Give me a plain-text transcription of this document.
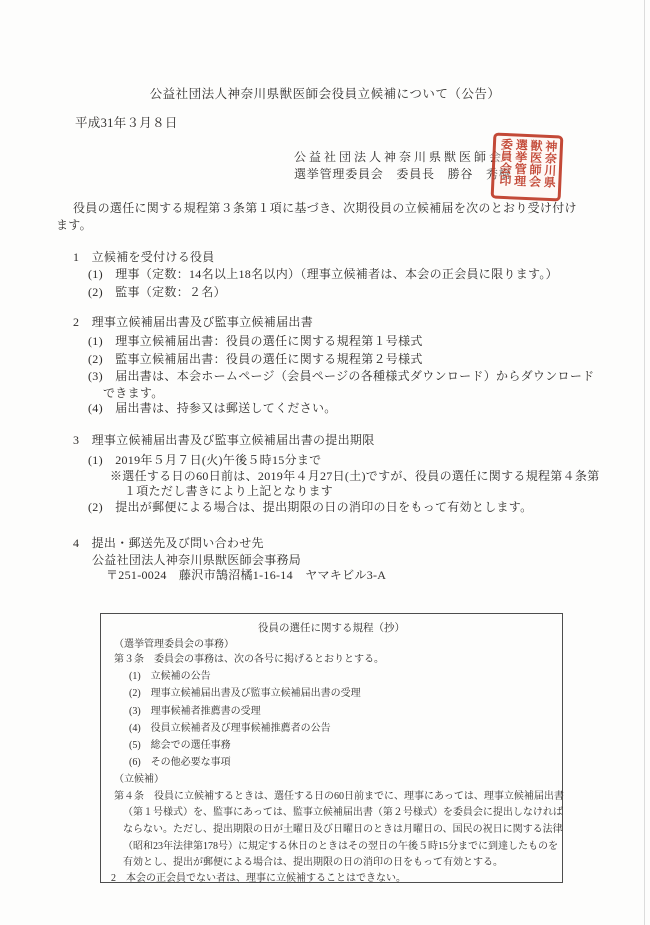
公益社団法人神奈川県獣医師会役員立候補について（公告）
平成31年３月８日
公益社団法人神奈川県獣医師会
選挙管理委員会　委員長　勝谷　秀樹	神奈川県
獣医師会
選挙管理
委員会印
役員の選任に関する規程第３条第１項に基づき、次期役員の立候補届を次のとおり受け付け
ます。
1　立候補を受付ける役員
(1)　理事（定数：14名以上18名以内）（理事立候補者は、本会の正会員に限ります。）
(2)　監事（定数：２名）
2　理事立候補届出書及び監事立候補届出書
(1)　理事立候補届出書：役員の選任に関する規程第１号様式
(2)　監事立候補届出書：役員の選任に関する規程第２号様式
(3)　届出書は、本会ホームページ（会員ページの各種様式ダウンロード）からダウンロード
できます。
(4)　届出書は、持参又は郵送してください。
3　理事立候補届出書及び監事立候補届出書の提出期限
(1)　2019年５月７日(火)午後５時15分まで
※選任する日の60日前は、2019年４月27日(土)ですが、役員の選任に関する規程第４条第
１項ただし書きにより上記となります
(2)　提出が郵便による場合は、提出期限の日の消印の日をもって有効とします。
4　提出・郵送先及び問い合わせ先
公益社団法人神奈川県獣医師会事務局
〒251-0024　藤沢市鵠沼橘1-16-14　ヤマキビル3-A
役員の選任に関する規程（抄）
（選挙管理委員会の事務）
第３条　委員会の事務は、次の各号に掲げるとおりとする。
(1)　立候補の公告
(2)　理事立候補届出書及び監事立候補届出書の受理
(3)　理事候補者推薦書の受理
(4)　役員立候補者及び理事候補推薦者の公告
(5)　総会での選任事務
(6)　その他必要な事項
（立候補）
第４条　役員に立候補するときは、選任する日の60日前までに、理事にあっては、理事立候補届出書
（第１号様式）を、監事にあっては、監事立候補届出書（第２号様式）を委員会に提出しなければ
ならない。ただし、提出期限の日が土曜日及び日曜日のときは月曜日の、国民の祝日に関する法律
（昭和23年法律第178号）に規定する休日のときはその翌日の午後５時15分までに到達したものを
有効とし、提出が郵便による場合は、提出期限の日の消印の日をもって有効とする。
2　本会の正会員でない者は、理事に立候補することはできない。
